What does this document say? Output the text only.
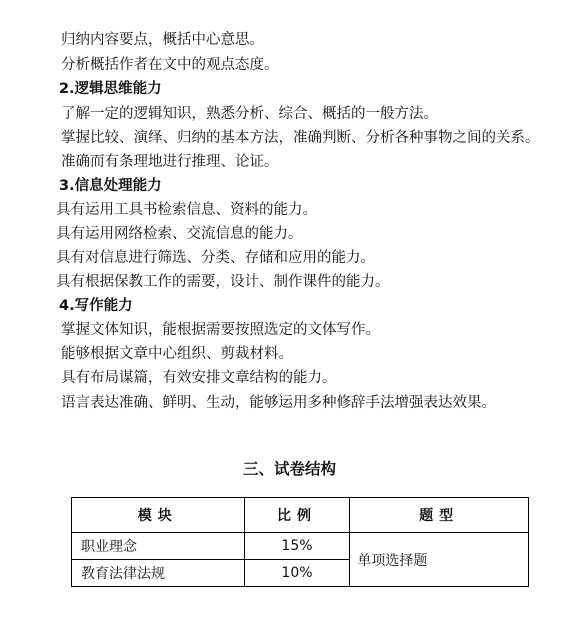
归纳内容要点，概括中心意思。
分析概括作者在文中的观点态度。
2.逻辑思维能力
了解一定的逻辑知识，熟悉分析、综合、概括的一般方法。
掌握比较、演绎、归纳的基本方法，准确判断、分析各种事物之间的关系。
准确而有条理地进行推理、论证。
3.信息处理能力
具有运用工具书检索信息、资料的能力。
具有运用网络检索、交流信息的能力。
具有对信息进行筛选、分类、存储和应用的能力。
具有根据保教工作的需要，设计、制作课件的能力。
4.写作能力
掌握文体知识，能根据需要按照选定的文体写作。
能够根据文章中心组织、剪裁材料。
具有布局谋篇，有效安排文章结构的能力。
语言表达准确、鲜明、生动，能够运用多种修辞手法增强表达效果。
三、试卷结构
模块	比例	题型
职业理念	15%	单项选择题
教育法律法规	10%	
